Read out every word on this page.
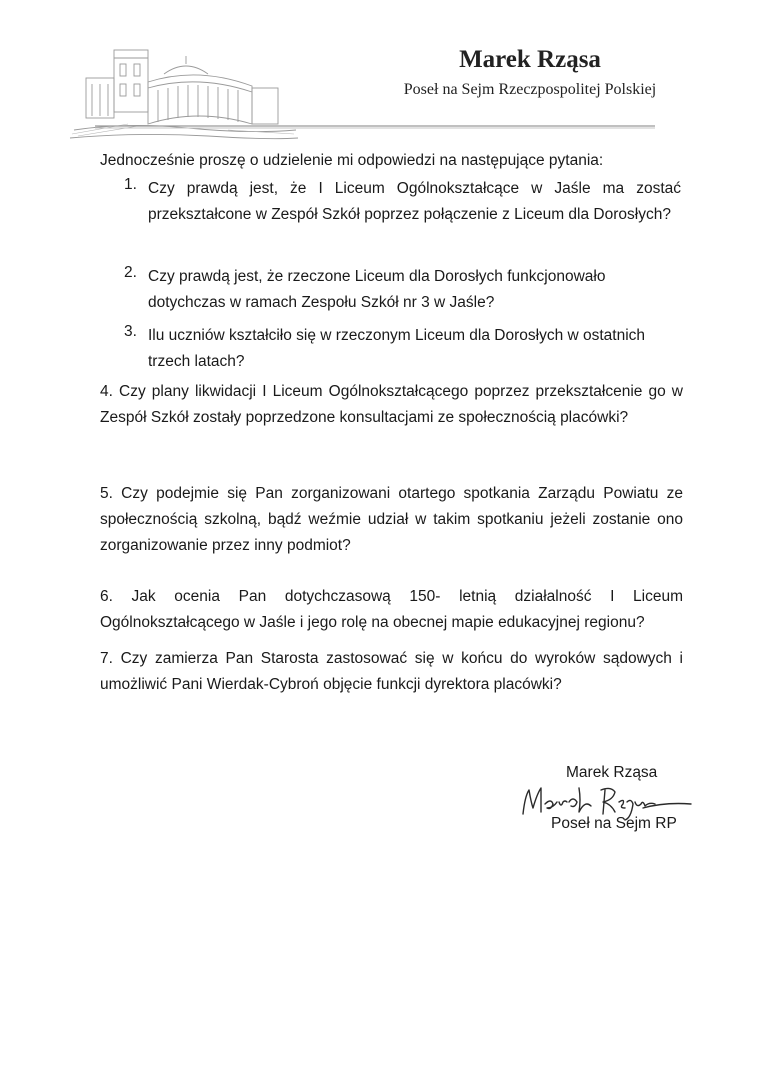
Marek Rząsa
Poseł na Sejm Rzeczpospolitej Polskiej
Jednocześnie proszę o udzielenie mi odpowiedzi na następujące pytania:
1. Czy prawdą jest, że I Liceum Ogólnokształcące w Jaśle ma zostać przekształcone w Zespół Szkół poprzez połączenie z Liceum dla Dorosłych?
2. Czy prawdą jest, że rzeczone Liceum dla Dorosłych funkcjonowało dotychczas w ramach Zespołu Szkół nr 3 w Jaśle?
3. Ilu uczniów kształciło się w rzeczonym Liceum dla Dorosłych w ostatnich trzech latach?
4. Czy plany likwidacji I Liceum Ogólnokształcącego poprzez przekształcenie go w Zespół Szkół zostały poprzedzone konsultacjami ze społecznością placówki?
5. Czy podejmie się Pan zorganizowani otartego spotkania Zarządu Powiatu ze społecznością szkolną, bądź weźmie udział w takim spotkaniu jeżeli zostanie ono zorganizowanie przez inny podmiot?
6. Jak ocenia Pan dotychczasową 150- letnią działalność I Liceum Ogólnokształcącego w Jaśle i jego rolę na obecnej mapie edukacyjnej regionu?
7. Czy zamierza Pan Starosta zastosować się w końcu do wyroków sądowych i umożliwić Pani Wierdak-Cybroń objęcie funkcji dyrektora placówki?
Marek Rząsa
Poseł na Sejm RP
